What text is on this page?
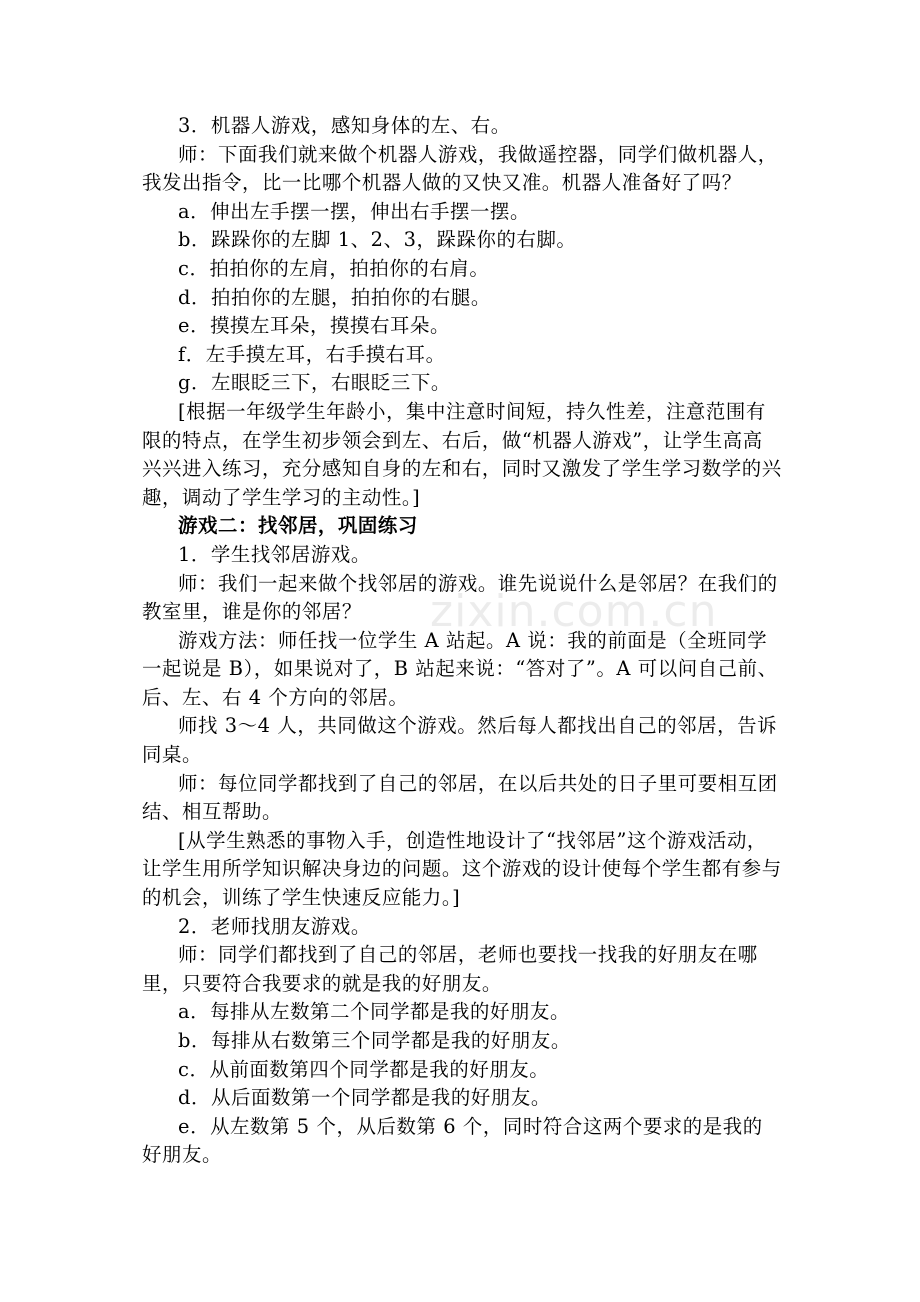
3．机器人游戏，感知身体的左、右。

师：下面我们就来做个机器人游戏，我做遥控器，同学们做机器人，我发出指令，比一比哪个机器人做的又快又准。机器人准备好了吗？

a．伸出左手摆一摆，伸出右手摆一摆。

b．跺跺你的左脚 1、2、3，跺跺你的右脚。

c．拍拍你的左肩，拍拍你的右肩。

d．拍拍你的左腿，拍拍你的右腿。

e．摸摸左耳朵，摸摸右耳朵。

f．左手摸左耳，右手摸右耳。

g．左眼眨三下，右眼眨三下。

[根据一年级学生年龄小，集中注意时间短，持久性差，注意范围有限的特点，在学生初步领会到左、右后，做“机器人游戏”，让学生高高兴兴进入练习，充分感知自身的左和右，同时又激发了学生学习数学的兴趣，调动了学生学习的主动性。]

游戏二：找邻居，巩固练习

1．学生找邻居游戏。

师：我们一起来做个找邻居的游戏。谁先说说什么是邻居？在我们的教室里，谁是你的邻居？

游戏方法：师任找一位学生 A 站起。A 说：我的前面是（全班同学一起说是 B），如果说对了，B 站起来说：“答对了”。A 可以问自己前、后、左、右 4 个方向的邻居。

师找 3～4 人，共同做这个游戏。然后每人都找出自己的邻居，告诉同桌。

师：每位同学都找到了自己的邻居，在以后共处的日子里可要相互团结、相互帮助。

[从学生熟悉的事物入手，创造性地设计了“找邻居”这个游戏活动，让学生用所学知识解决身边的问题。这个游戏的设计使每个学生都有参与的机会，训练了学生快速反应能力。]

2．老师找朋友游戏。

师：同学们都找到了自己的邻居，老师也要找一找我的好朋友在哪里，只要符合我要求的就是我的好朋友。

a．每排从左数第二个同学都是我的好朋友。

b．每排从右数第三个同学都是我的好朋友。

c．从前面数第四个同学都是我的好朋友。

d．从后面数第一个同学都是我的好朋友。

e．从左数第 5 个，从后数第 6 个，同时符合这两个要求的是我的好朋友。

zixin.com.cn
